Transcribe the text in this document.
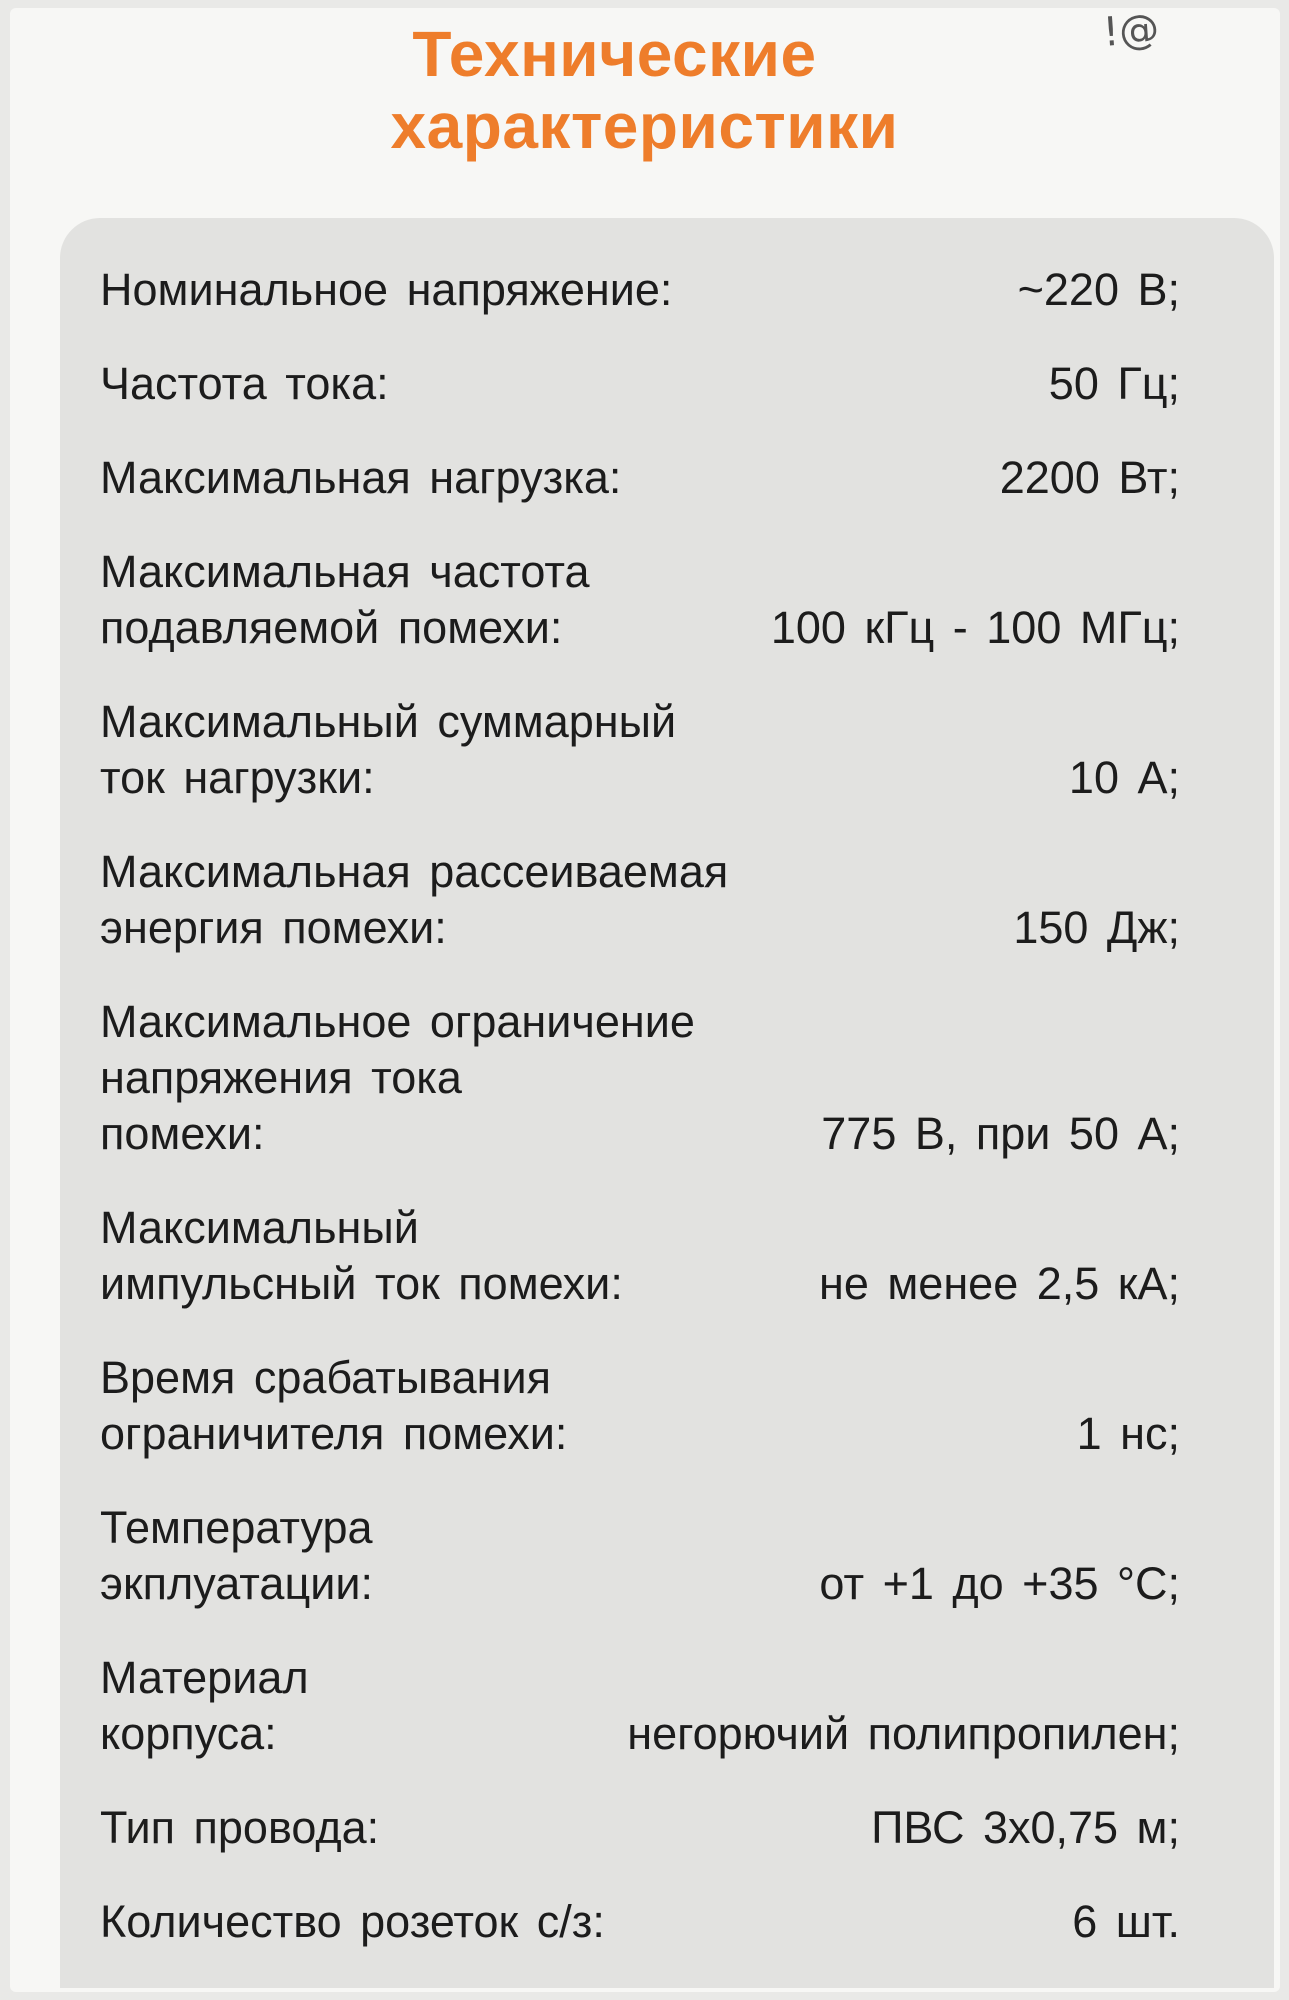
!@
Технические
характеристики
Номинальное напряжение:	~220 В;
Частота тока:	50 Гц;
Максимальная нагрузка:	2200 Вт;
Максимальная частота
подавляемой помехи:	100 кГц - 100 МГц;
Максимальный суммарный
ток нагрузки:	10 А;
Максимальная рассеиваемая
энергия помехи:	150 Дж;
Максимальное ограничение
напряжения тока
помехи:	775 В, при 50 А;
Максимальный
импульсный ток помехи:	не менее 2,5 кА;
Время срабатывания
ограничителя помехи:	1 нс;
Температура
экплуатации:	от +1 до +35 °С;
Материал
корпуса:	негорючий полипропилен;
Тип провода:	ПВС 3х0,75 м;
Количество розеток с/з:	6 шт.
